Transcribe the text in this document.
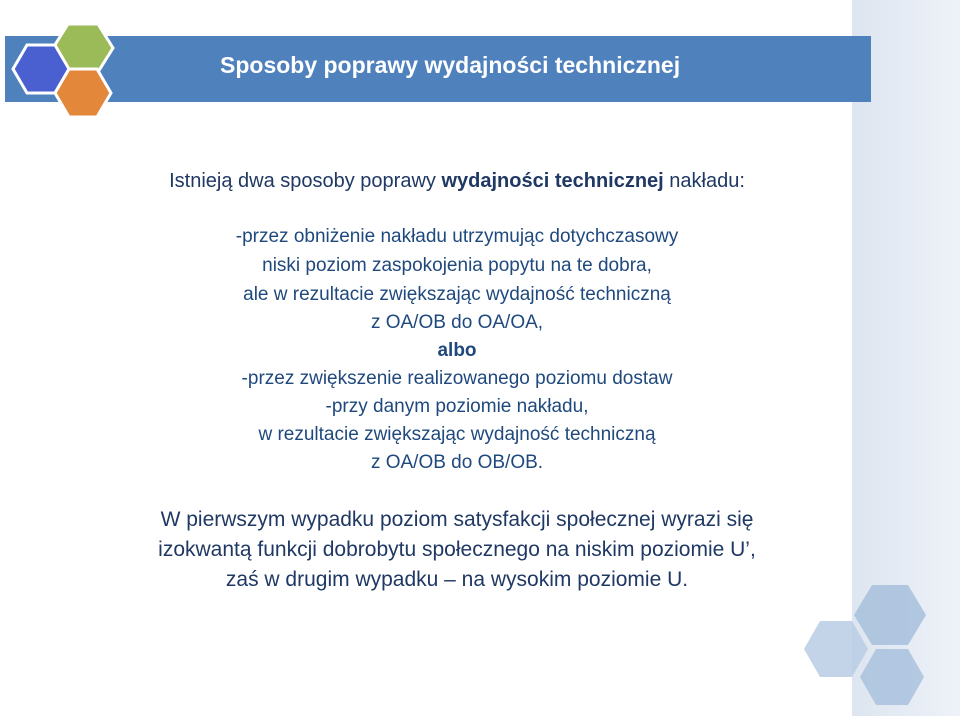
Sposoby poprawy wydajności technicznej
Istnieją dwa sposoby poprawy wydajności technicznej nakładu:
-przez obniżenie nakładu utrzymując dotychczasowy
niski poziom zaspokojenia popytu na te dobra,
ale w rezultacie zwiększając wydajność techniczną
z OA/OB do OA/OA,
albo
-przez zwiększenie realizowanego poziomu dostaw
-przy danym poziomie nakładu,
w rezultacie zwiększając wydajność techniczną
z OA/OB do OB/OB.
W pierwszym wypadku poziom satysfakcji społecznej wyrazi się
izokwantą funkcji dobrobytu społecznego na niskim poziomie U’,
zaś w drugim wypadku – na wysokim poziomie U.
